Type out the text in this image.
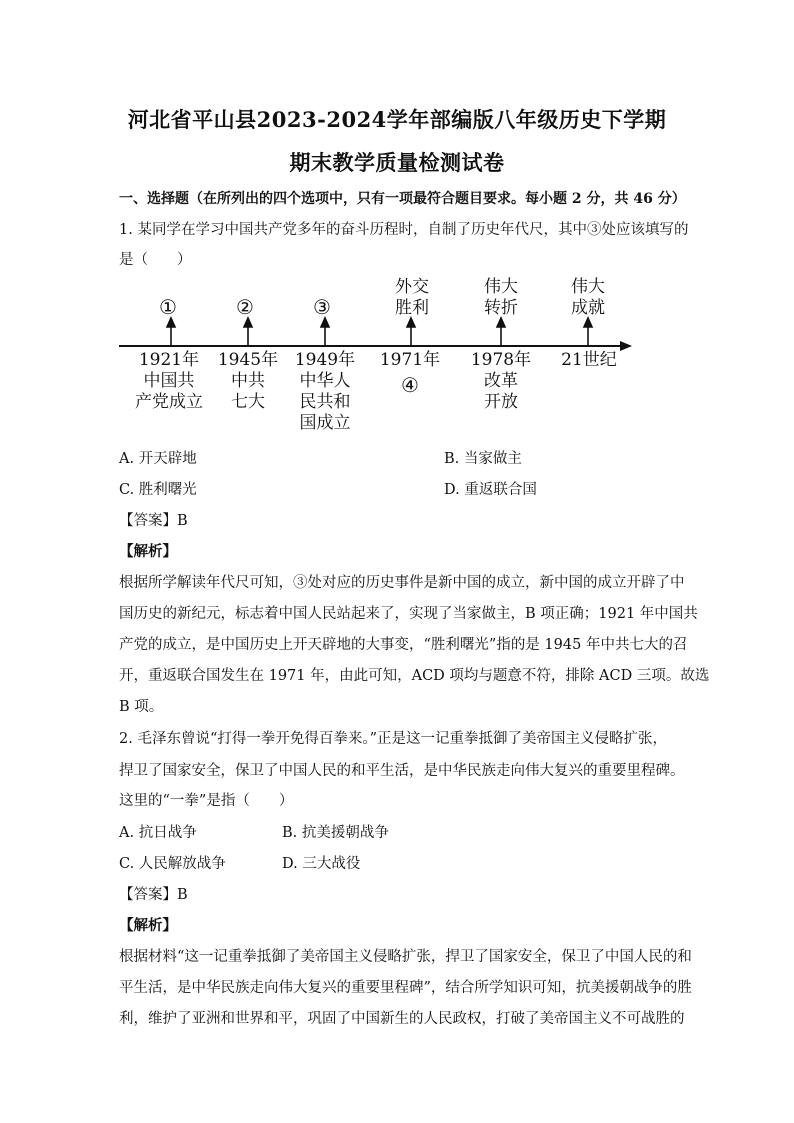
河北省平山县2023-2024学年部编版八年级历史下学期
期末教学质量检测试卷
一、选择题（在所列出的四个选项中，只有一项最符合题目要求。每小题 2 分，共 46 分）
1. 某同学在学习中国共产党多年的奋斗历程时，自制了历史年代尺，其中③处应该填写的
是（　　）
①	②	③
外交
胜利
伟大
转折
伟大
成就
1921年
中国共
产党成立
1945年
中共
七大
1949年
中华人
民共和
国成立
1971年
④
1978年
改革
开放
21世纪
A. 开天辟地	B. 当家做主
C. 胜利曙光	D. 重返联合国
【答案】B
【解析】
根据所学解读年代尺可知，③处对应的历史事件是新中国的成立，新中国的成立开辟了中
国历史的新纪元，标志着中国人民站起来了，实现了当家做主，B 项正确；1921 年中国共
产党的成立，是中国历史上开天辟地的大事变，“胜利曙光”指的是 1945 年中共七大的召
开，重返联合国发生在 1971 年，由此可知，ACD 项均与题意不符，排除 ACD 三项。故选
B 项。
2. 毛泽东曾说“打得一拳开免得百拳来。”正是这一记重拳抵御了美帝国主义侵略扩张，
捍卫了国家安全，保卫了中国人民的和平生活，是中华民族走向伟大复兴的重要里程碑。
这里的“一拳”是指（　　）
A. 抗日战争	B. 抗美援朝战争
C. 人民解放战争	D. 三大战役
【答案】B
【解析】
根据材料“这一记重拳抵御了美帝国主义侵略扩张，捍卫了国家安全，保卫了中国人民的和
平生活，是中华民族走向伟大复兴的重要里程碑”，结合所学知识可知，抗美援朝战争的胜
利，维护了亚洲和世界和平，巩固了中国新生的人民政权，打破了美帝国主义不可战胜的
